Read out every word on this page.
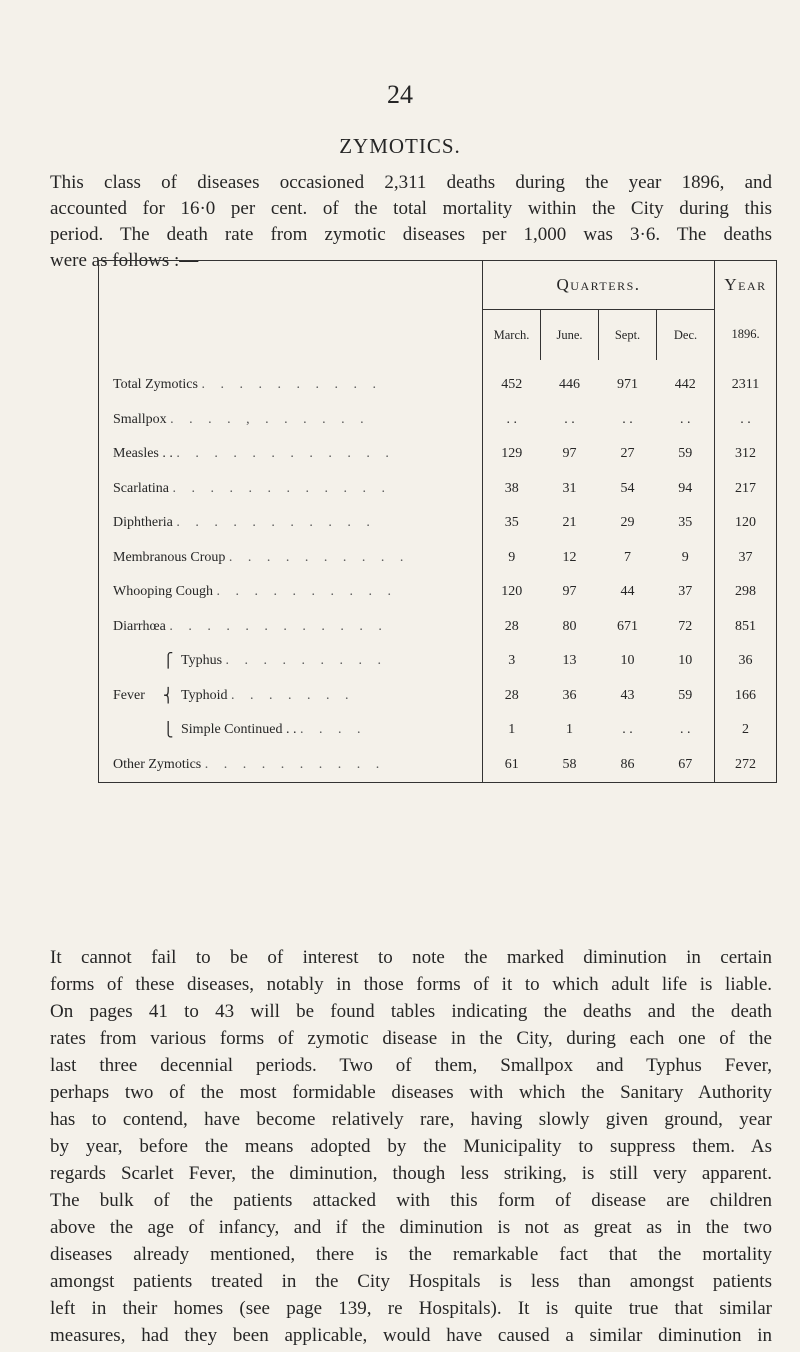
24
ZYMOTICS.
This class of diseases occasioned 2,311 deaths during the year 1896, and
accounted for 16·0 per cent. of the total mortality within the City during this
period. The death rate from zymotic diseases per 1,000 was 3·6. The deaths
were as follows :—
	Quarters.				Year
	March.	June.	Sept.	Dec.	1896.
Total Zymotics . . . . . . . . . .	452	446	971	442	2311
Smallpox . . . . , . . . . . .	. .	. .	. .	. .	. .
Measles . . . . . . . . . . . . . .	129	97	27	59	312
Scarlatina . . . . . . . . . . . .	38	31	54	94	217
Diphtheria . . . . . . . . . . .	35	21	29	35	120
Membranous Croup . . . . . . . . . .	9	12	7	9	37
Whooping Cough . . . . . . . . . .	120	97	44	37	298
Diarrhœa . . . . . . . . . . . .	28	80	671	72	851

⎧ Typhus . . . . . . . . .	3	13	10	10	36

Fever ⎨ Typhoid . . . . . . .	28	36	43	59	166

⎩ Simple Continued . . . . . .	1	1	. .	. .	2
Other Zymotics . . . . . . . . . .	61	58	86	67	272
It cannot fail to be of interest to note the marked diminution in certain
forms of these diseases, notably in those forms of it to which adult life is liable.
On pages 41 to 43 will be found tables indicating the deaths and the death
rates from various forms of zymotic disease in the City, during each one of the
last three decennial periods. Two of them, Smallpox and Typhus Fever,
perhaps two of the most formidable diseases with which the Sanitary Authority
has to contend, have become relatively rare, having slowly given ground, year
by year, before the means adopted by the Municipality to suppress them. As
regards Scarlet Fever, the diminution, though less striking, is still very apparent.
The bulk of the patients attacked with this form of disease are children
above the age of infancy, and if the diminution is not as great as in the two
diseases already mentioned, there is the remarkable fact that the mortality
amongst patients treated in the City Hospitals is less than amongst patients
left in their homes (see page 139, re Hospitals). It is quite true that similar
measures, had they been applicable, would have caused a similar diminution in
